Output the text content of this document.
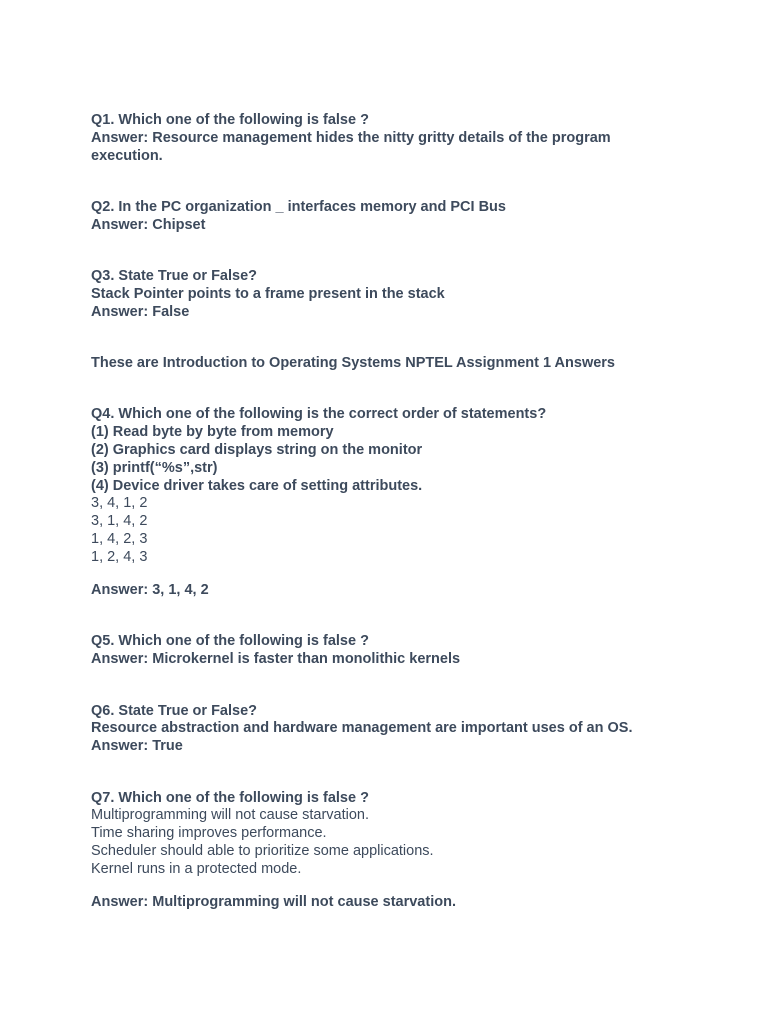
Q1. Which one of the following is false ?
Answer: Resource management hides the nitty gritty details of the program
execution.
Q2. In the PC organization _ interfaces memory and PCI Bus
Answer: Chipset
Q3. State True or False?
Stack Pointer points to a frame present in the stack
Answer: False
These are Introduction to Operating Systems NPTEL Assignment 1 Answers
Q4. Which one of the following is the correct order of statements?
(1) Read byte by byte from memory
(2) Graphics card displays string on the monitor
(3) printf(“%s”,str)
(4) Device driver takes care of setting attributes.
3, 4, 1, 2
3, 1, 4, 2
1, 4, 2, 3
1, 2, 4, 3
Answer: 3, 1, 4, 2
Q5. Which one of the following is false ?
Answer: Microkernel is faster than monolithic kernels
Q6. State True or False?
Resource abstraction and hardware management are important uses of an OS.
Answer: True
Q7. Which one of the following is false ?
Multiprogramming will not cause starvation.
Time sharing improves performance.
Scheduler should able to prioritize some applications.
Kernel runs in a protected mode.
Answer: Multiprogramming will not cause starvation.
